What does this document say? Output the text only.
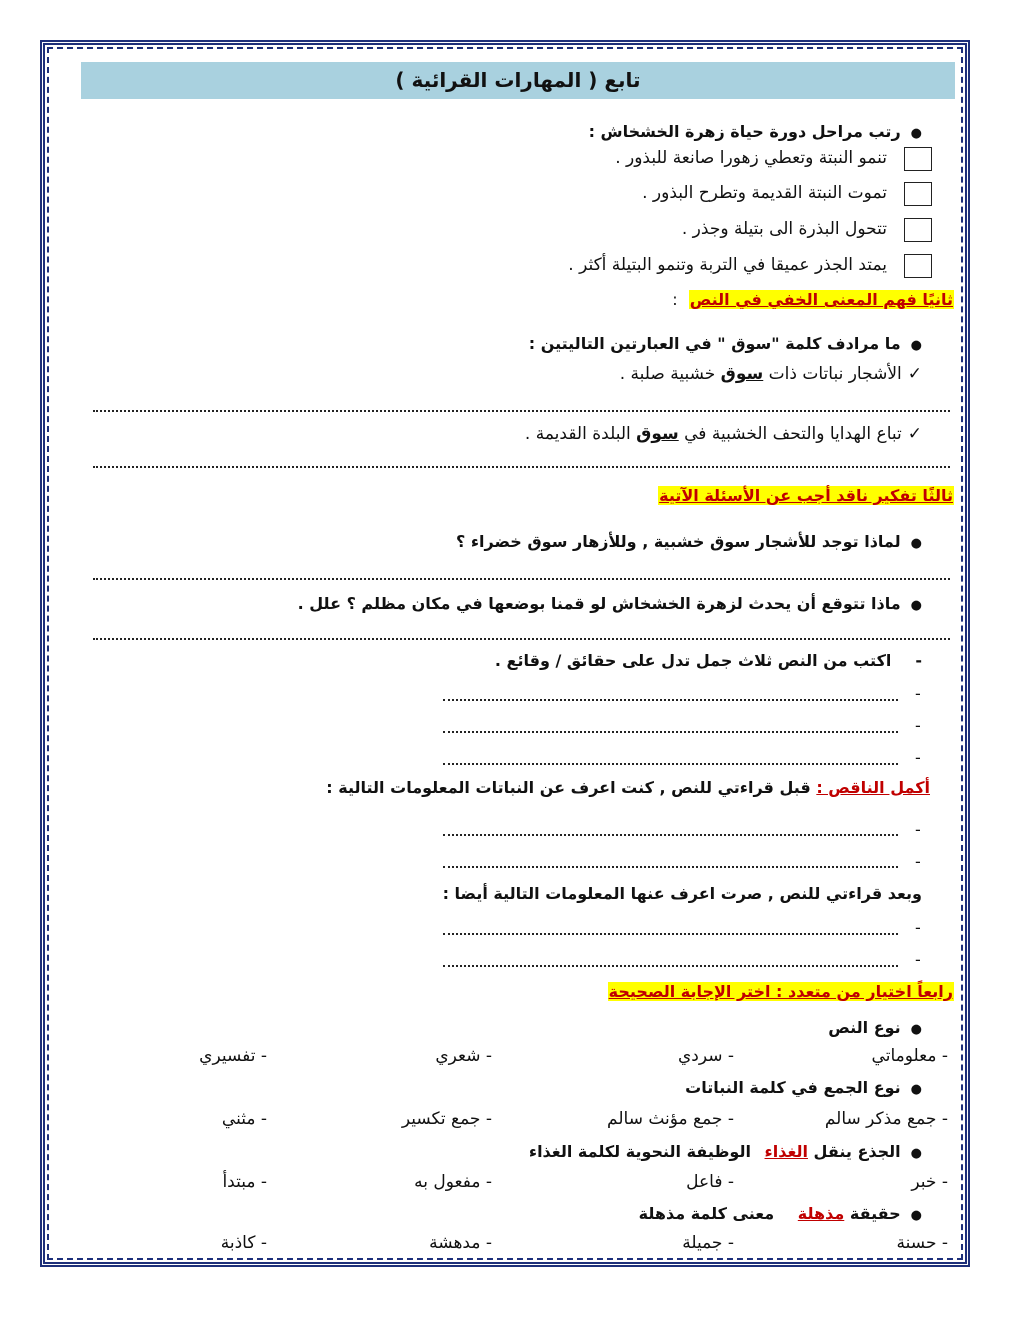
تابع ( المهارات القرائية )
●رتب مراحل دورة حياة زهرة الخشخاش :
تنمو النبتة وتعطي زهورا صانعة للبذور .
تموت النبتة القديمة وتطرح البذور .
تتحول البذرة الى بتيلة وجذر .
يمتد الجذر عميقا في التربة وتنمو البتيلة أكثر .
ثانيًا فهم المعنى الخفي في النص :
●ما مرادف كلمة "سوق " في العبارتين التاليتين :
✓الأشجار نباتات ذات سوق خشبية صلبة .
✓تباع الهدايا والتحف الخشبية في سوق البلدة القديمة .
ثالثًا تفكير ناقد أجب عن الأسئلة الآتية
●لماذا توجد للأشجار سوق خشبية , وللأزهار سوق خضراء ؟
●ماذا تتوقع أن يحدث لزهرة الخشخاش لو قمنا بوضعها في مكان مظلم ؟ علل .
-اكتب من النص ثلاث جمل تدل على حقائق / وقائع .
-
-
-
أكمل الناقص : قبل قراءتي للنص , كنت اعرف عن النباتات المعلومات التالية :
-
-
وبعد قراءتي للنص , صرت اعرف عنها المعلومات التالية أيضا :
-
-
رابعاً اختيار من متعدد : اختر الإجابة الصحيحة
●نوع النص
- معلوماتي
- سردي
- شعري
- تفسيري
●نوع الجمع في كلمة النباتات
- جمع مذكر سالم
- جمع مؤنث سالم
- جمع تكسير
- مثني
●الجذع ينقل الغذاء الوظيفة النحوية لكلمة الغذاء
- خبر
- فاعل
- مفعول به
- مبتدأ
●حقيقة مذهلة معنى كلمة مذهلة
- حسنة
- جميلة
- مدهشة
- كاذبة
